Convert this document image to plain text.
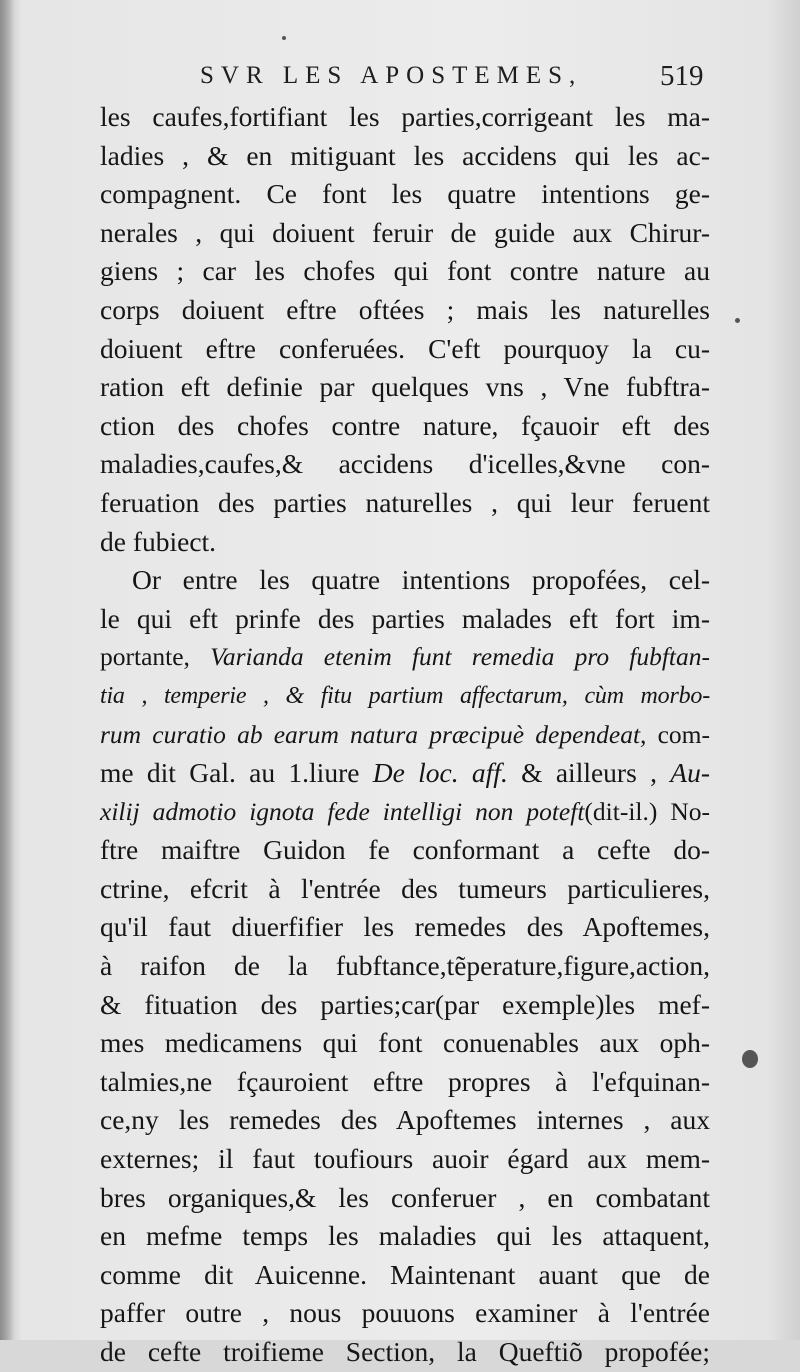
SVR LES APOSTEMES,	519
les caufes,fortifiant les parties,corrigeant les ma-
ladies , & en mitiguant les accidens qui les ac-
compagnent. Ce font les quatre intentions ge-
nerales , qui doiuent feruir de guide aux Chirur-
giens ; car les chofes qui font contre nature au
corps doiuent eftre oftées ; mais les naturelles
doiuent eftre conferuées. C'eft pourquoy la cu-
ration eft definie par quelques vns , Vne fubftra-
ction des chofes contre nature, fçauoir eft des
maladies,caufes,& accidens d'icelles,&vne con-
feruation des parties naturelles , qui leur feruent
de fubiect.
Or entre les quatre intentions propofées, cel-
le qui eft prinfe des parties malades eft fort im-
portante, Varianda etenim funt remedia pro fubftan-
tia , temperie , & fitu partium affectarum, cùm morbo-
rum curatio ab earum natura præcipuè dependeat, com-
me dit Gal. au 1.liure De loc. aff. & ailleurs , Au-
xilij admotio ignota fede intelligi non poteft(dit-il.) No-
ftre maiftre Guidon fe conformant a cefte do-
ctrine, efcrit à l'entrée des tumeurs particulieres,
qu'il faut diuerfifier les remedes des Apoftemes,
à raifon de la fubftance,tẽperature,figure,action,
& fituation des parties;car(par exemple)les mef-
mes medicamens qui font conuenables aux oph-
talmies,ne fçauroient eftre propres à l'efquinan-
ce,ny les remedes des Apoftemes internes , aux
externes; il faut toufiours auoir égard aux mem-
bres organiques,& les conferuer , en combatant
en mefme temps les maladies qui les attaquent,
comme dit Auicenne. Maintenant auant que de
paffer outre , nous pouuons examiner à l'entrée
de cefte troifieme Section, la Queftiõ propofée;
